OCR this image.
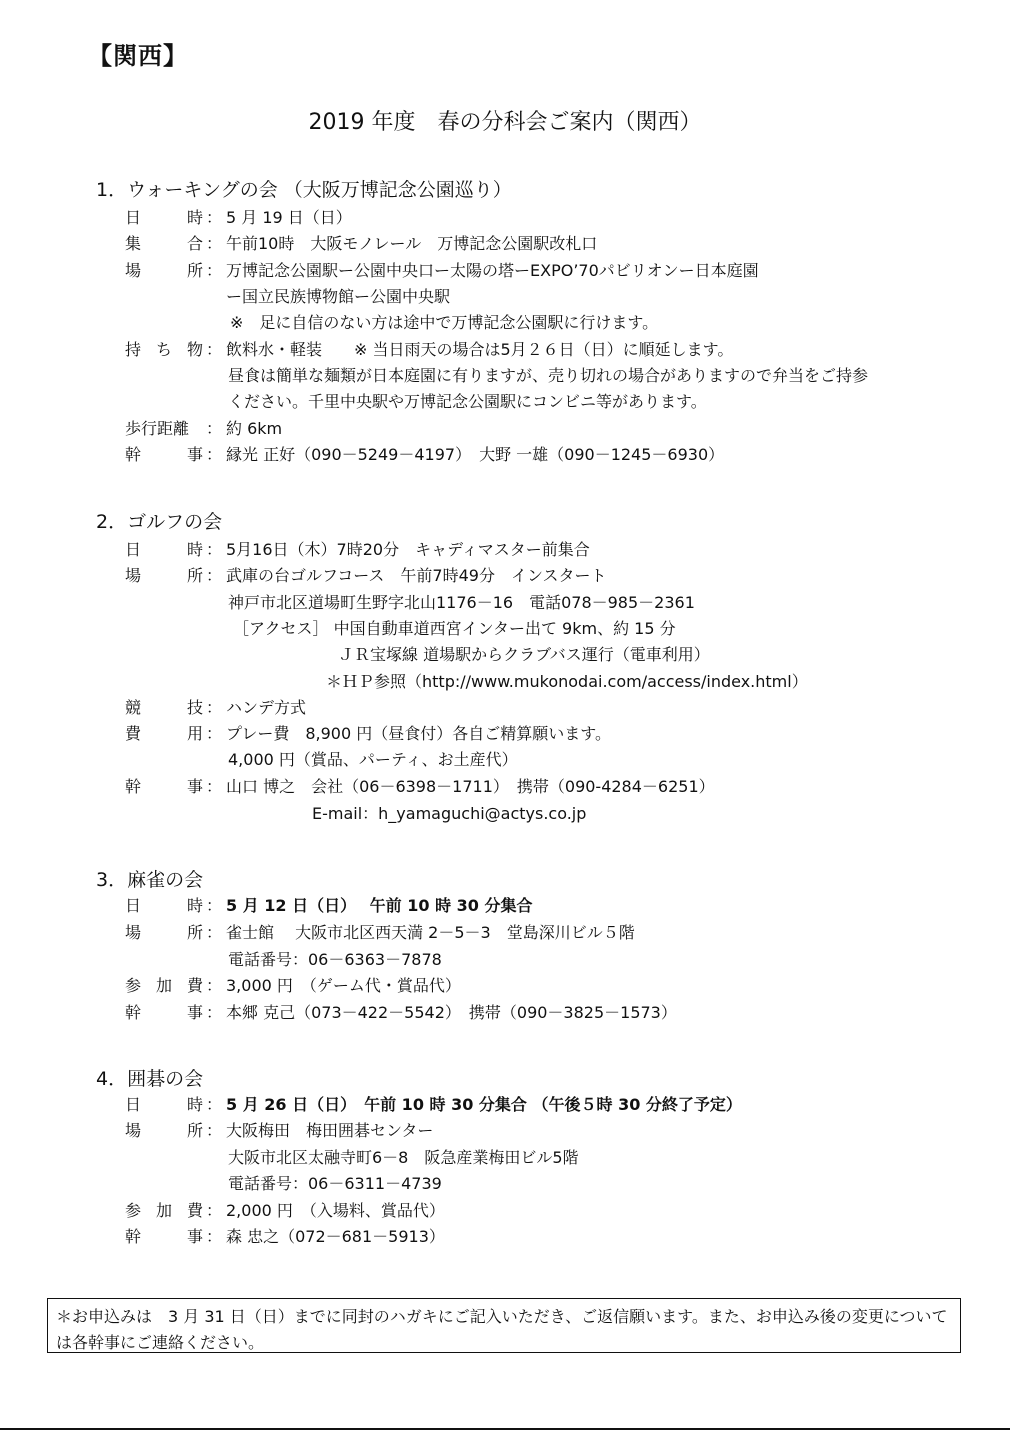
【関西】
2019 年度　春の分科会ご案内（関西）
1．ウォーキングの会 （大阪万博記念公園巡り）
日	時 ： 5 月 19 日（日）
集	合 ： 午前10時　大阪モノレール　万博記念公園駅改札口
場	所 ： 万博記念公園駅ー公園中央口ー太陽の塔ーEXPO’70パビリオンー日本庭園
ー国立民族博物館ー公園中央駅
※　足に自信のない方は途中で万博記念公園駅に行けます。
持 ち 物 ： 飲料水・軽装　　※ 当日雨天の場合は5月２６日（日）に順延します。
昼食は簡単な麺類が日本庭園に有りますが、売り切れの場合がありますので弁当をご持参
ください。千里中央駅や万博記念公園駅にコンビニ等があります。
歩行距離 ： 約 6km
幹	事 ： 縁光 正好（090－5249－4197）　大野 一雄（090－1245－6930）
2．ゴルフの会
日	時 ： 5月16日（木）7時20分　キャディマスター前集合
場	所 ： 武庫の台ゴルフコース　午前7時49分　インスタート
神戸市北区道場町生野字北山1176－16　電話078－985－2361
［アクセス］ 中国自動車道西宮インター出て 9km、約 15 分
ＪＲ宝塚線 道場駅からクラブバス運行（電車利用）
＊ＨＰ参照（http://www.mukonodai.com/access/index.html）
競	技 ： ハンデ方式
費	用 ： プレー費　8,900 円（昼食付）各自ご精算願います。
4,000 円（賞品、パーティ、お土産代）
幹	事 ： 山口 博之　会社（06－6398－1711）　携帯（090-4284－6251）
E-mail：h_yamaguchi@actys.co.jp
3．麻雀の会
日	時 ： 5 月 12 日（日）　 午前 10 時 30 分集合
場	所 ： 雀士館　 大阪市北区西天満 2－5－3　堂島深川ビル５階
電話番号：06－6363－7878
参 加 費 ： 3,000 円　（ゲーム代・賞品代）
幹	事 ： 本郷 克己（073－422－5542）　携帯（090－3825－1573）
4．囲碁の会
日	時 ： 5 月 26 日（日）　午前 10 時 30 分集合 （午後５時 30 分終了予定）
場	所 ： 大阪梅田　梅田囲碁センター
大阪市北区太融寺町6－8　阪急産業梅田ビル5階
電話番号：06－6311－4739
参 加 費 ： 2,000 円　（入場料、賞品代）
幹	事 ： 森 忠之（072－681－5913）
＊お申込みは　3 月 31 日（日）までに同封のハガキにご記入いただき、ご返信願います。また、お申込み後の変更については各幹事にご連絡ください。
